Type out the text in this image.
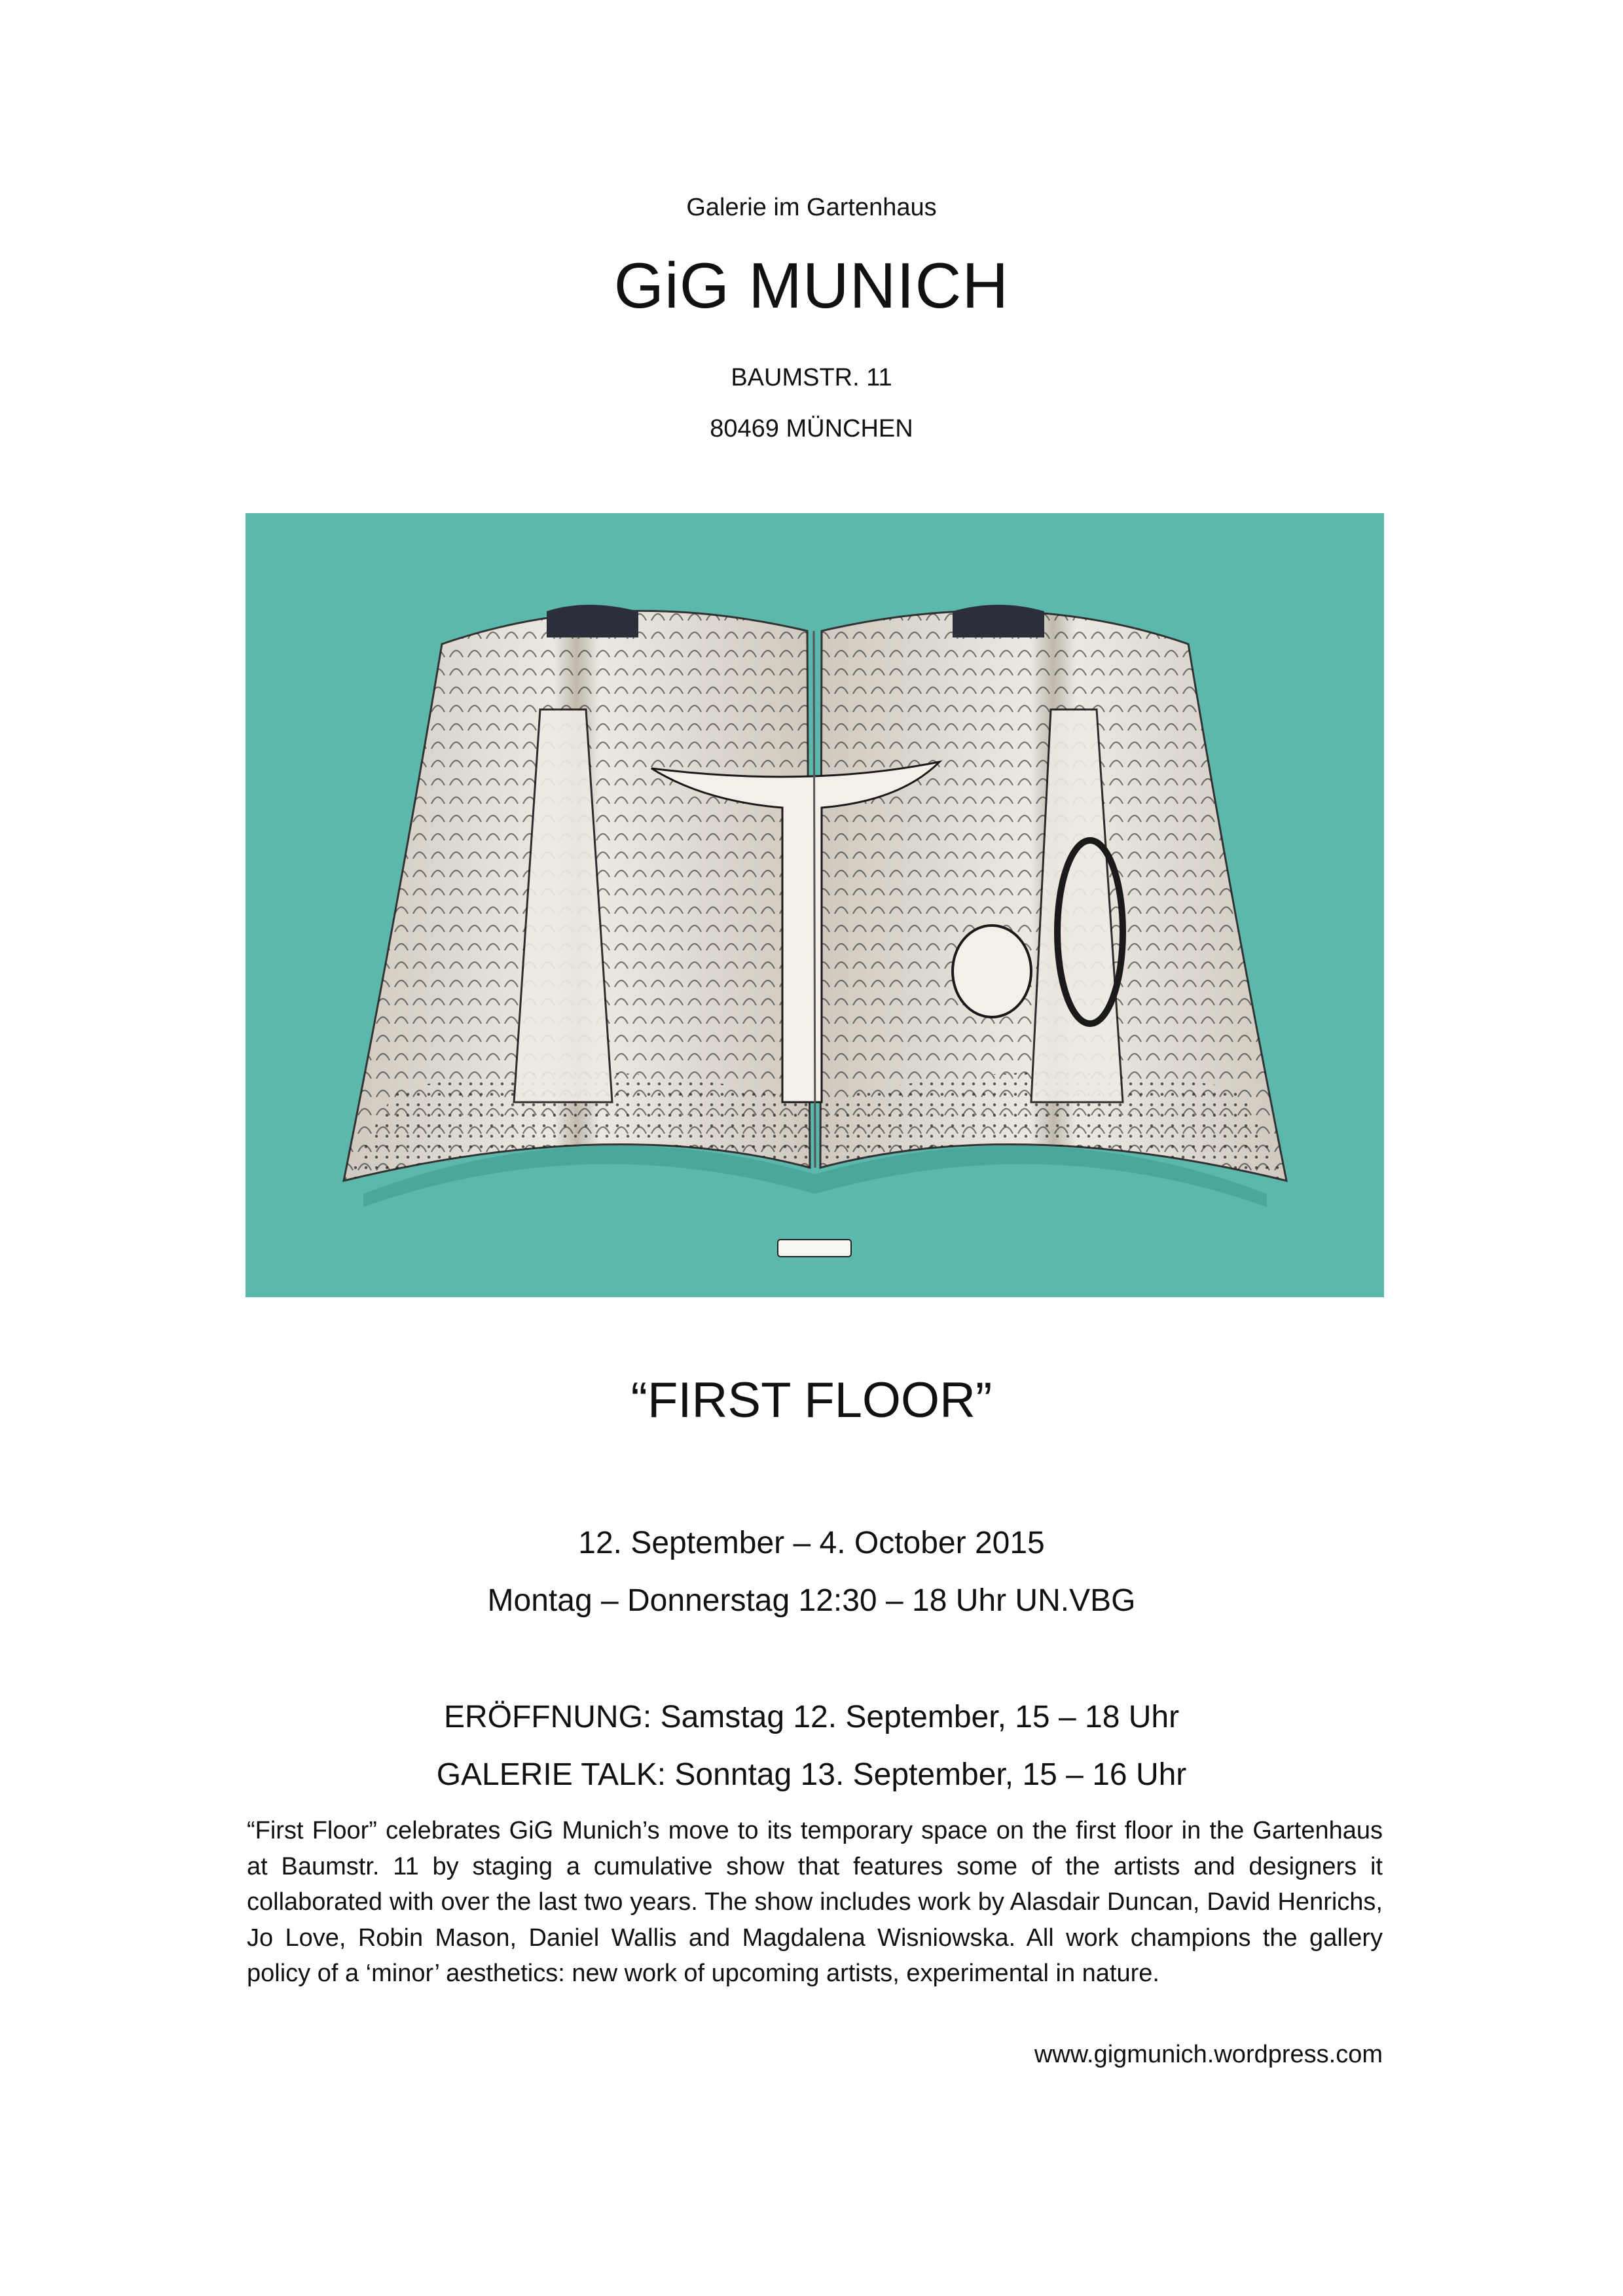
Galerie im Gartenhaus
GiG MUNICH
BAUMSTR. 11
80469 MÜNCHEN
“FIRST FLOOR”
12. September – 4. October 2015
Montag – Donnerstag 12:30 – 18 Uhr UN.VBG
ERÖFFNUNG: Samstag 12. September, 15 – 18 Uhr
GALERIE TALK: Sonntag 13. September, 15 – 16 Uhr
“First Floor” celebrates GiG Munich’s move to its temporary space on the first floor in the Gartenhaus at Baumstr. 11 by staging a cumulative show that features some of the artists and designers it collaborated with over the last two years. The show includes work by Alasdair Duncan, David Henrichs, Jo Love, Robin Mason, Daniel Wallis and Magdalena Wisniowska. All work champions the gallery policy of a ‘minor’ aesthetics: new work of upcoming artists, experimental in nature.
www.gigmunich.wordpress.com
